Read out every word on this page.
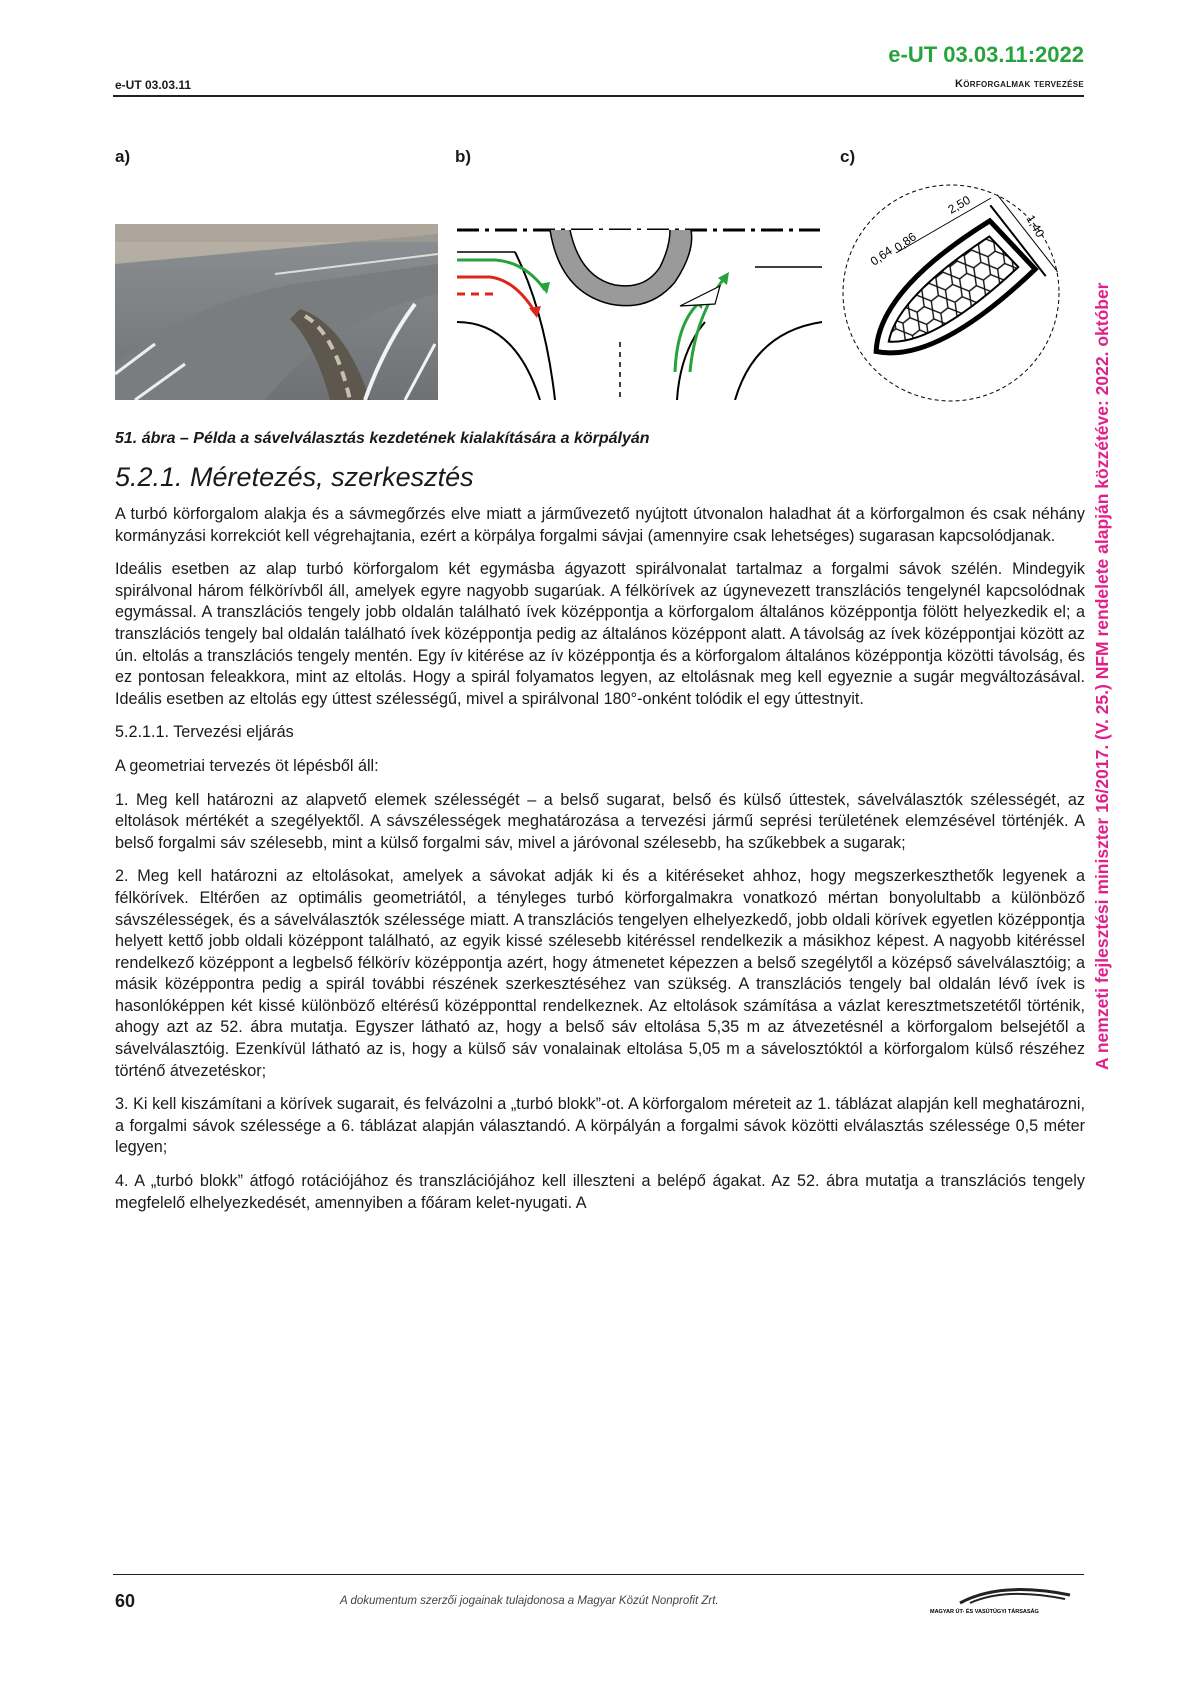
e-UT 03.03.11:2022
e-UT 03.03.11	Körforgalmak tervezése
a)	b)	c)
2,50
1,40
0,64
0,86
51. ábra – Példa a sávelválasztás kezdetének kialakítására a körpályán
5.2.1. Méretezés, szerkesztés

A turbó körforgalom alakja és a sávmegőrzés elve miatt a járművezető nyújtott útvonalon haladhat át a körforgalmon és csak néhány kormányzási korrekciót kell végrehajtania, ezért a körpálya forgalmi sávjai (amennyire csak lehetséges) sugarasan kapcsolódjanak.

Ideális esetben az alap turbó körforgalom két egymásba ágyazott spirálvonalat tartalmaz a forgalmi sávok szélén. Mindegyik spirálvonal három félkörívből áll, amelyek egyre nagyobb sugarúak. A félkörívek az úgynevezett transzlációs tengelynél kapcsolódnak egymással. A transzlációs tengely jobb oldalán található ívek középpontja a körforgalom általános középpontja fölött helyezkedik el; a transzlációs tengely bal oldalán található ívek középpontja pedig az általános középpont alatt. A távolság az ívek középpontjai között az ún. eltolás a transzlációs tengely mentén. Egy ív kitérése az ív középpontja és a körforgalom általános középpontja közötti távolság, és ez pontosan feleakkora, mint az eltolás. Hogy a spirál folyamatos legyen, az eltolásnak meg kell egyeznie a sugár megváltozásával. Ideális esetben az eltolás egy úttest szélességű, mivel a spirálvonal 180°-onként tolódik el egy úttestnyit.

5.2.1.1. Tervezési eljárás

A geometriai tervezés öt lépésből áll:

1. Meg kell határozni az alapvető elemek szélességét – a belső sugarat, belső és külső úttestek, sávelválasztók szélességét, az eltolások mértékét a szegélyektől. A sávszélességek meghatározása a tervezési jármű seprési területének elemzésével történjék. A belső forgalmi sáv szélesebb, mint a külső forgalmi sáv, mivel a járóvonal szélesebb, ha szűkebbek a sugarak;

2. Meg kell határozni az eltolásokat, amelyek a sávokat adják ki és a kitéréseket ahhoz, hogy megszerkeszthetők legyenek a félkörívek. Eltérően az optimális geometriától, a tényleges turbó körforgalmakra vonatkozó mértan bonyolultabb a különböző sávszélességek, és a sávelválasztók szélessége miatt. A transzlációs tengelyen elhelyezkedő, jobb oldali körívek egyetlen középpontja helyett kettő jobb oldali középpont található, az egyik kissé szélesebb kitéréssel rendelkezik a másikhoz képest. A nagyobb kitéréssel rendelkező középpont a legbelső félkörív középpontja azért, hogy átmenetet képezzen a belső szegélytől a középső sávelválasztóig; a másik középpontra pedig a spirál további részének szerkesztéséhez van szükség. A transzlációs tengely bal oldalán lévő ívek is hasonlóképpen két kissé különböző eltérésű középponttal rendelkeznek. Az eltolások számítása a vázlat keresztmetszetétől történik, ahogy azt az 52. ábra mutatja. Egyszer látható az, hogy a belső sáv eltolása 5,35 m az átvezetésnél a körforgalom belsejétől a sávelválasztóig. Ezenkívül látható az is, hogy a külső sáv vonalainak eltolása 5,05 m a sávelosztóktól a körforgalom külső részéhez történő átvezetéskor;

3. Ki kell kiszámítani a körívek sugarait, és felvázolni a „turbó blokk”-ot. A körforgalom méreteit az 1. táblázat alapján kell meghatározni, a forgalmi sávok szélessége a 6. táblázat alapján választandó. A körpályán a forgalmi sávok közötti elválasztás szélessége 0,5 méter legyen;

4. A „turbó blokk” átfogó rotációjához és transzlációjához kell illeszteni a belépő ágakat. Az 52. ábra mutatja a transzlációs tengely megfelelő elhelyezkedését, amennyiben a főáram kelet-nyugati. A

A nemzeti fejlesztési miniszter 16/2017. (V. 25.) NFM rendelete alapján közzétéve: 2022. október
60	A dokumentum szerzői jogainak tulajdonosa a Magyar Közút Nonprofit Zrt.
MAGYAR ÚT- ÉS VASÚTÜGYI TÁRSASÁG
